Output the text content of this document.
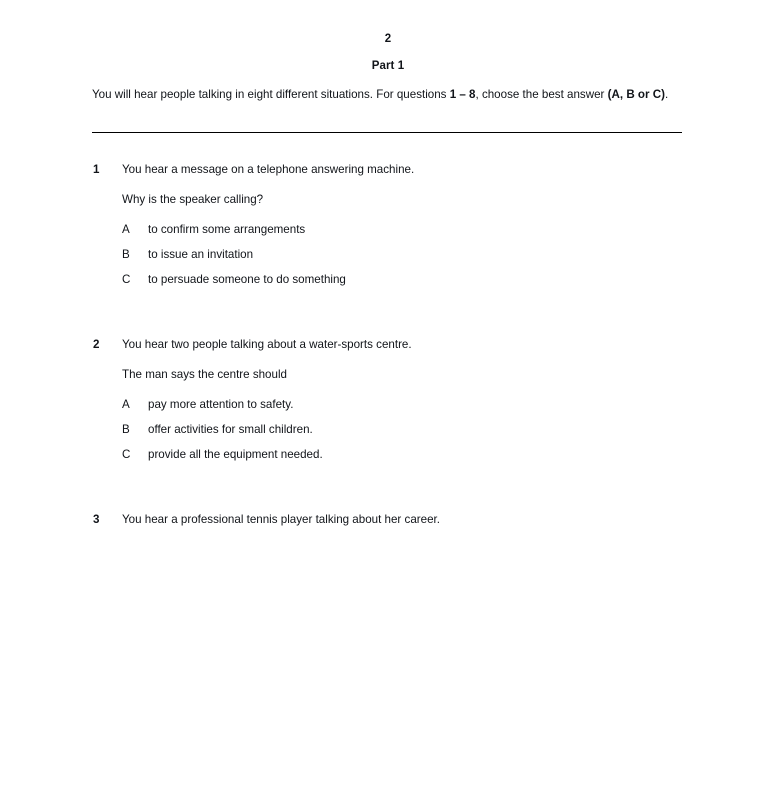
2
Part 1
You will hear people talking in eight different situations. For questions 1 – 8, choose the best answer (A, B or C).
1 You hear a message on a telephone answering machine.
Why is the speaker calling?
A to confirm some arrangements
B to issue an invitation
C to persuade someone to do something
2 You hear two people talking about a water-sports centre.
The man says the centre should
A pay more attention to safety.
B offer activities for small children.
C provide all the equipment needed.
3 You hear a professional tennis player talking about her career.
